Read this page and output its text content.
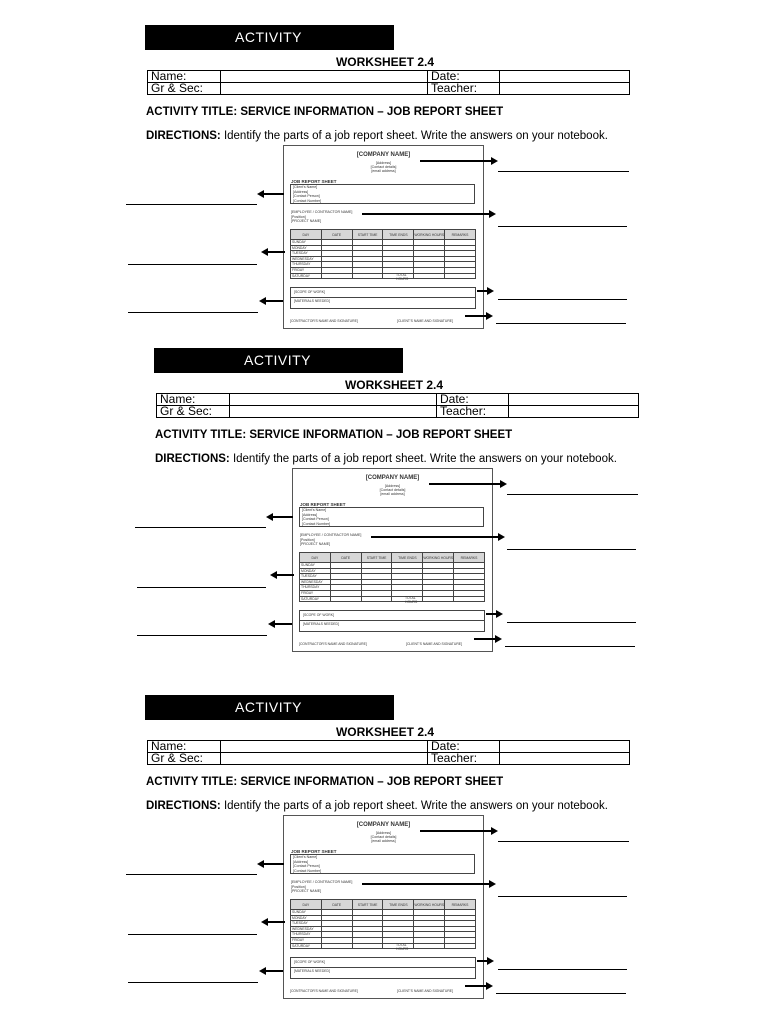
ACTIVITY
WORKSHEET 2.4
Name:		Date:	
Gr & Sec:		Teacher:	
ACTIVITY TITLE: SERVICE INFORMATION – JOB REPORT SHEET
DIRECTIONS: Identify the parts of a job report sheet. Write the answers on your notebook.
[COMPANY NAME]
[Address]
[Contact details]
[email address]
JOB REPORT SHEET
[Client's Name]
[Address]
[Contact Person]
[Contact Number]
[EMPLOYEE / CONTRACTOR NAME]
[Position]
[PROJECT NAME]
DAY	DATE	START TIME	TIME ENDS	WORKING HOURS	REMARKS
SUNDAY					
MONDAY					
TUESDAY					
WEDNESDAY					
THURSDAY					
FRIDAY					
SATURDAY						TOTAL
HOURS
[SCOPE OF WORK]
[MATERIALS NEEDED]
[CONTRACTOR'S NAME AND SIGNATURE]	[CLIENT'S NAME AND SIGNATURE]
ACTIVITY
WORKSHEET 2.4
Name:		Date:	
Gr & Sec:		Teacher:	
ACTIVITY TITLE: SERVICE INFORMATION – JOB REPORT SHEET
DIRECTIONS: Identify the parts of a job report sheet. Write the answers on your notebook.
[COMPANY NAME]
[Address]
[Contact details]
[email address]
JOB REPORT SHEET
[Client's Name]
[Address]
[Contact Person]
[Contact Number]
[EMPLOYEE / CONTRACTOR NAME]
[Position]
[PROJECT NAME]
DAY	DATE	START TIME	TIME ENDS	WORKING HOURS	REMARKS
SUNDAY					
MONDAY					
TUESDAY					
WEDNESDAY					
THURSDAY					
FRIDAY					
SATURDAY						TOTAL
HOURS
[SCOPE OF WORK]
[MATERIALS NEEDED]
[CONTRACTOR'S NAME AND SIGNATURE]	[CLIENT'S NAME AND SIGNATURE]
ACTIVITY
WORKSHEET 2.4
Name:		Date:	
Gr & Sec:		Teacher:	
ACTIVITY TITLE: SERVICE INFORMATION – JOB REPORT SHEET
DIRECTIONS: Identify the parts of a job report sheet. Write the answers on your notebook.
[COMPANY NAME]
[Address]
[Contact details]
[email address]
JOB REPORT SHEET
[Client's Name]
[Address]
[Contact Person]
[Contact Number]
[EMPLOYEE / CONTRACTOR NAME]
[Position]
[PROJECT NAME]
DAY	DATE	START TIME	TIME ENDS	WORKING HOURS	REMARKS
SUNDAY					
MONDAY					
TUESDAY					
WEDNESDAY					
THURSDAY					
FRIDAY					
SATURDAY						TOTAL
HOURS
[SCOPE OF WORK]
[MATERIALS NEEDED]
[CONTRACTOR'S NAME AND SIGNATURE]	[CLIENT'S NAME AND SIGNATURE]
